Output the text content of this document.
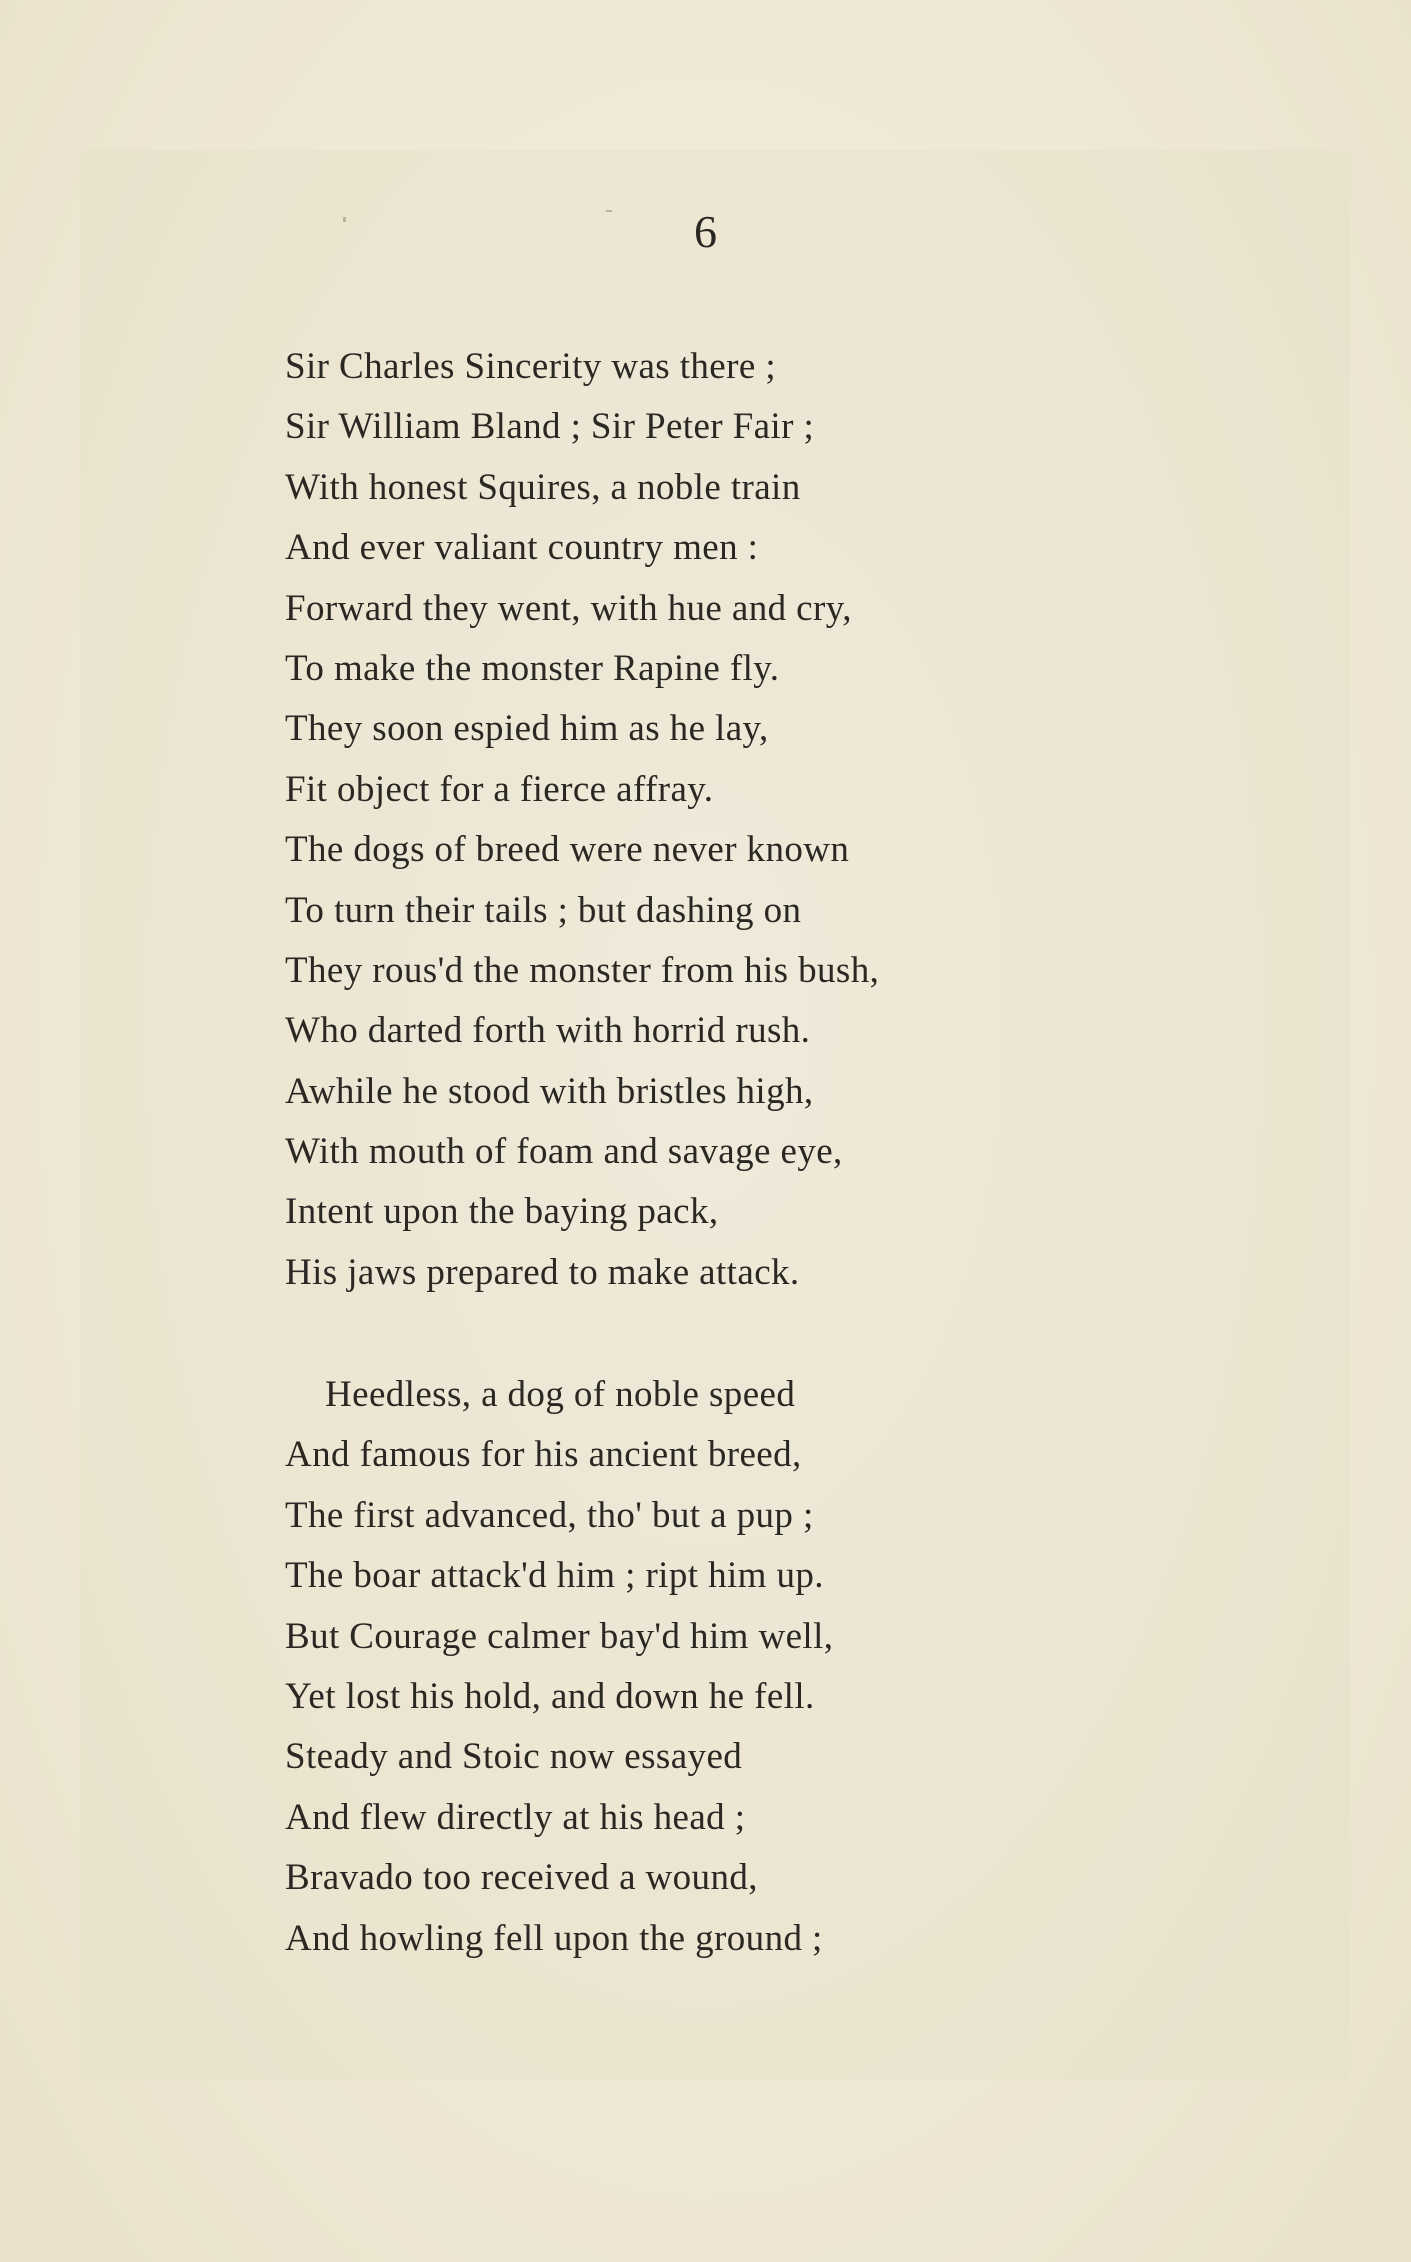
6
Sir Charles Sincerity was there ;
Sir William Bland ; Sir Peter Fair ;
With honest Squires, a noble train
And ever valiant country men :
Forward they went, with hue and cry,
To make the monster Rapine fly.
They soon espied him as he lay,
Fit object for a fierce affray.
The dogs of breed were never known
To turn their tails ; but dashing on
They rous'd the monster from his bush,
Who darted forth with horrid rush.
Awhile he stood with bristles high,
With mouth of foam and savage eye,
Intent upon the baying pack,
His jaws prepared to make attack.
Heedless, a dog of noble speed
And famous for his ancient breed,
The first advanced, tho' but a pup ;
The boar attack'd him ; ript him up.
But Courage calmer bay'd him well,
Yet lost his hold, and down he fell.
Steady and Stoic now essayed
And flew directly at his head ;
Bravado too received a wound,
And howling fell upon the ground ;
